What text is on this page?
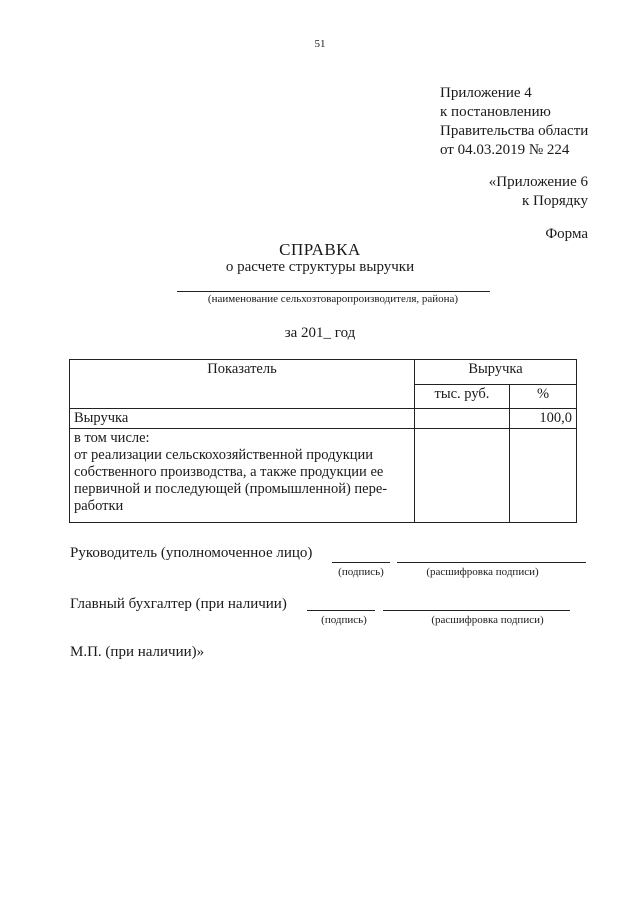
51
Приложение 4
к постановлению
Правительства области
от 04.03.2019 № 224
«Приложение 6
к Порядку
Форма
СПРАВКА
о расчете структуры выручки
(наименование сельхозтоваропроизводителя, района)
за 201_ год
Показатель	Выручка	
	тыс. руб.	%
Выручка		100,0

в том числе:
от реализации сельскохозяйственной продукции собственного производства, а также продукции ее первичной и последующей (промышленной) пере-работки		

Руководитель (уполномоченное лицо)
(подпись)	(расшифровка подписи)
Главный бухгалтер (при наличии)
(подпись)	(расшифровка подписи)
М.П. (при наличии)»
